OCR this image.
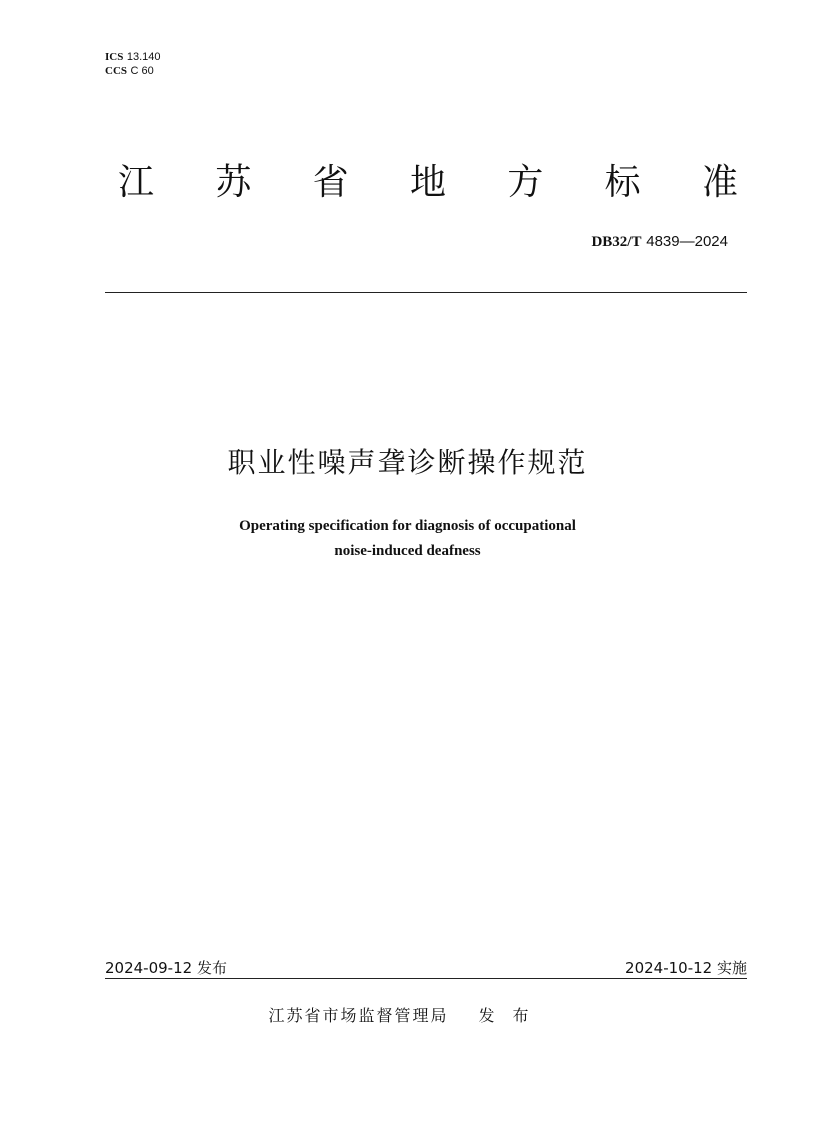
ICS 13.140
CCS C 60
江 苏 省 地 方 标 准
DB32/T 4839—2024
职业性噪声聋诊断操作规范
Operating specification for diagnosis of occupational
noise-induced deafness
2024-09-12 发布	2024-10-12 实施
江苏省市场监督管理局 发布
